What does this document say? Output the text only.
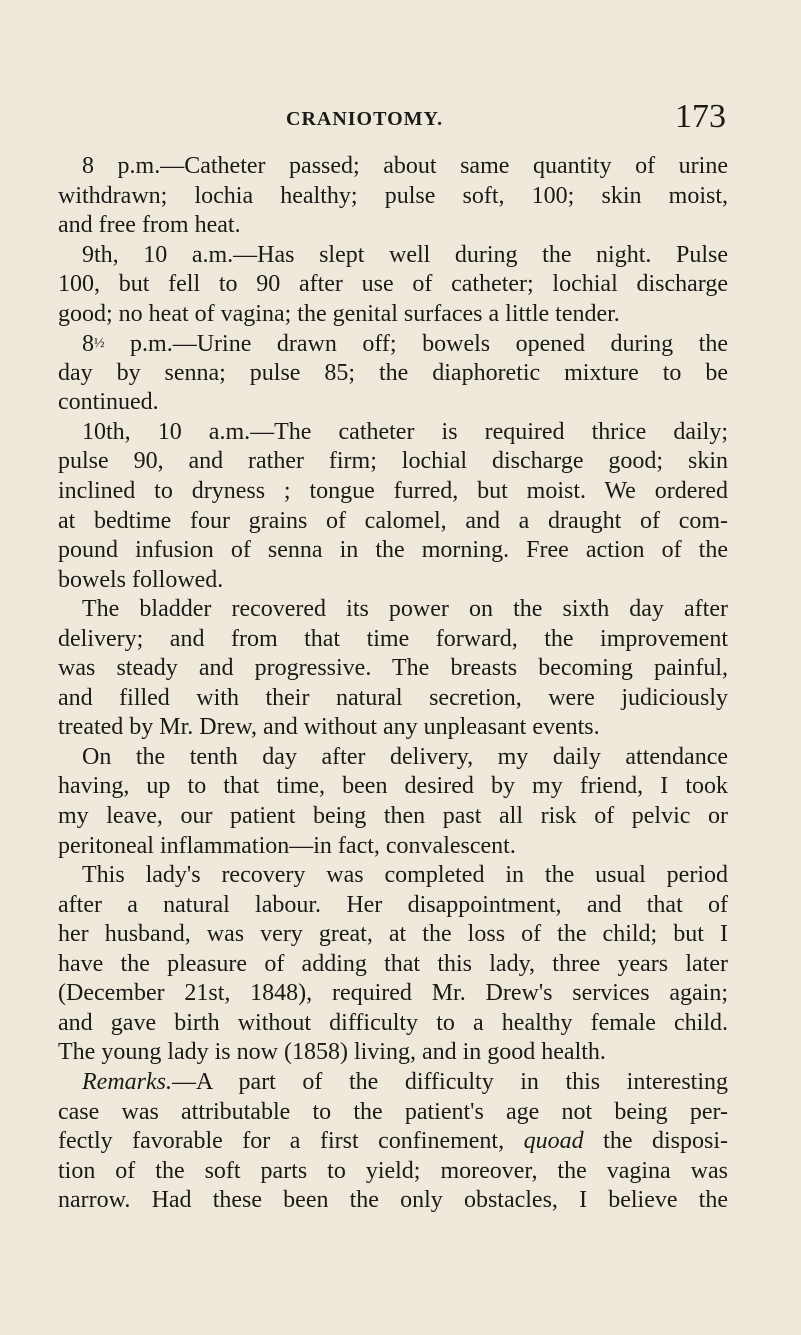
CRANIOTOMY.	173
8 p.m.—Catheter passed; about same quantity of urine
withdrawn; lochia healthy; pulse soft, 100; skin moist,
and free from heat.
9th, 10 a.m.—Has slept well during the night. Pulse
100, but fell to 90 after use of catheter; lochial discharge
good; no heat of vagina; the genital surfaces a little tender.
8½ p.m.—Urine drawn off; bowels opened during the
day by senna; pulse 85; the diaphoretic mixture to be
continued.
10th, 10 a.m.—The catheter is required thrice daily;
pulse 90, and rather firm; lochial discharge good; skin
inclined to dryness ; tongue furred, but moist. We ordered
at bedtime four grains of calomel, and a draught of com-
pound infusion of senna in the morning. Free action of the
bowels followed.
The bladder recovered its power on the sixth day after
delivery; and from that time forward, the improvement
was steady and progressive. The breasts becoming painful,
and filled with their natural secretion, were judiciously
treated by Mr. Drew, and without any unpleasant events.
On the tenth day after delivery, my daily attendance
having, up to that time, been desired by my friend, I took
my leave, our patient being then past all risk of pelvic or
peritoneal inflammation—in fact, convalescent.
This lady's recovery was completed in the usual period
after a natural labour. Her disappointment, and that of
her husband, was very great, at the loss of the child; but I
have the pleasure of adding that this lady, three years later
(December 21st, 1848), required Mr. Drew's services again;
and gave birth without difficulty to a healthy female child.
The young lady is now (1858) living, and in good health.
Remarks.—A part of the difficulty in this interesting
case was attributable to the patient's age not being per-
fectly favorable for a first confinement, quoad the disposi-
tion of the soft parts to yield; moreover, the vagina was
narrow. Had these been the only obstacles, I believe the
